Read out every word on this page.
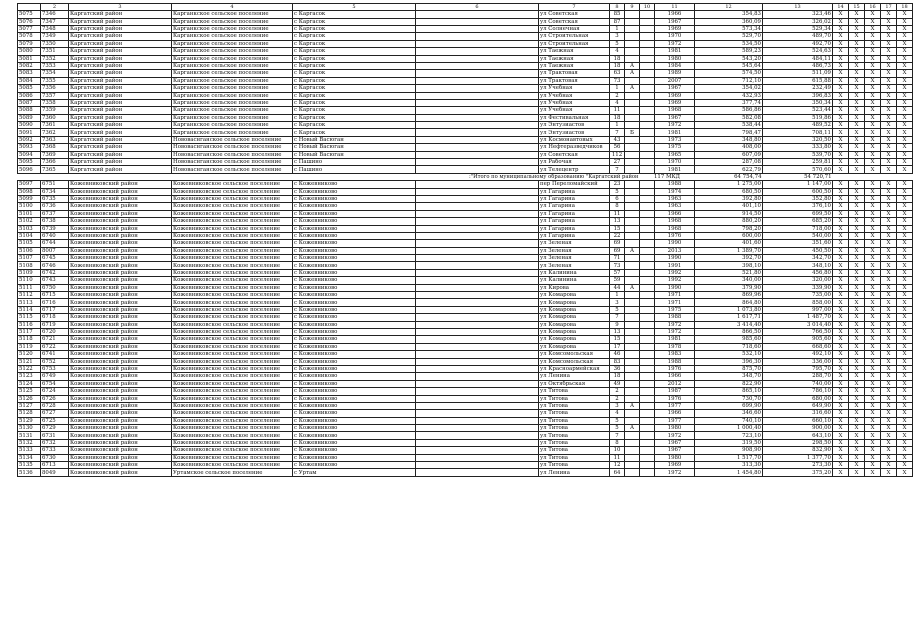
	2	3	4	5	6	7	8	9	10	11	12	13	14	15	16	17	18
5075	7346	Каргатский район	Карганкское сельское поселение	с Каргасок		ул Советская	85			1966	354,83	323,46	X	X	X	X	X
5076	7347	Каргатский район	Карганкское сельское поселение	с Каргасок		ул Советская	87			1967	360,09	326,02	X	X	X	X	X
5077	7348	Каргатский район	Карганкское сельское поселение	с Каргасок		ул Солнечная	1			1969	573,34	529,34	X	X	X	X	X
5078	7349	Каргатский район	Карганкское сельское поселение	с Каргасок		ул Строительная	3			1970	529,70	489,70	X	X	X	X	X
5079	7350	Каргатский район	Карганкское сельское поселение	с Каргасок		ул Строительная	5			1972	534,50	492,70	X	X	X	X	X
5080	7351	Каргатский район	Карганкское сельское поселение	с Каргасок		ул Таежная	4			1981	589,23	524,63	X	X	X	X	X
5081	7352	Каргатский район	Карганкское сельское поселение	с Каргасок		ул Таежная	18			1980	543,20	484,11	X	X	X	X	X
5082	7353	Каргатский район	Карганкское сельское поселение	с Каргасок		ул Таежная	18	А		1984	545,64	486,73	X	X	X	X	X
5083	7354	Каргатский район	Карганкское сельское поселение	с Каргасок		ул Трактовая	63	А		1989	574,50	511,09	X	X	X	X	X
5084	7355	Каргатский район	Карганкское сельское поселение	с Каргасок		ул Трактовая	73			2007	712,10	615,88	X	X	X	X	X
5085	7356	Каргатский район	Карганкское сельское поселение	с Каргасок		ул Учебная	1	А		1967	354,02	232,49	X	X	X	X	X
5086	7357	Каргатский район	Карганкское сельское поселение	с Каргасок		ул Учебная	2			1969	432,93	396,83	X	X	X	X	X
5087	7358	Каргатский район	Карганкское сельское поселение	с Каргасок		ул Учебная	4			1969	377,74	350,34	X	X	X	X	X
5088	7359	Каргатский район	Карганкское сельское поселение	с Каргасок		ул Учебная	11			1968	586,86	523,44	X	X	X	X	X
5089	7360	Каргатский район	Карганкское сельское поселение	с Каргасок		ул Фестивальная	18			1967	582,08	519,86	X	X	X	X	X
5090	7361	Каргатский район	Карганкское сельское поселение	с Каргасок		ул Энтузиастов	1			1972	538,44	489,52	X	X	X	X	X
5091	7362	Каргатский район	Карганкское сельское поселение	с Каргасок		ул Энтузиастов	7	Б		1981	798,47	708,11	X	X	X	X	X
5092	7363	Каргатский район	Нововаснганское сельское поселение	с Новый Васюган		ул Космонавтовых	43			1973	348,80	320,50	X	X	X	X	X
5093	7368	Каргатский район	Нововаснганское сельское поселение	с Новый Васюган		ул Нефтеразведчиков	56			1975	408,00	333,80	X	X	X	X	X
5094	7369	Каргатский район	Нововаснганское сельское поселение	с Новый Васюган		ул Советская	112			1965	607,09	539,70	X	X	X	X	X
5095	7366	Каргатский район	Нововаснганское сельское поселение	с Пашино		ул Рабочая	27			1970	287,08	259,81	X	X	X	X	X
5096	7365	Каргатский район	Нововаснганское сельское поселение	с Пашино		ул Телецентр	7			1981	622,79	570,60	X	X	X	X	X
						Итого по муниципальному образованию "Каргатский район":			117 МКД		64 754,74	54 720,71					
5097	6751	Кожевниковский район	Кожевниковское сельское поселение	с Кожевниково		пер Переломайский	23			1988	1 275,00	1 147,00	X	X	X	X	X
5098	6734	Кожевниковский район	Кожевниковское сельское поселение	с Кожевниково		ул Гагарина	5			1974	680,50	600,50	X	X	X	X	X
5099	6735	Кожевниковский район	Кожевниковское сельское поселение	с Кожевниково		ул Гагарина	6			1963	392,80	352,80	X	X	X	X	X
5100	6736	Кожевниковский район	Кожевниковское сельское поселение	с Кожевниково		ул Гагарина	8			1963	401,10	376,10	X	X	X	X	X
5101	6737	Кожевниковский район	Кожевниковское сельское поселение	с Кожевниково		ул Гагарина	11			1966	914,50	699,50	X	X	X	X	X
5102	6738	Кожевниковский район	Кожевниковское сельское поселение	с Кожевниково		ул Гагарина	13			1968	880,20	685,20	X	X	X	X	X
5103	6739	Кожевниковский район	Кожевниковское сельское поселение	с Кожевниково		ул Гагарина	15			1968	798,20	718,00	X	X	X	X	X
5104	6740	Кожевниковский район	Кожевниковское сельское поселение	с Кожевниково		ул Гагарина	22			1976	600,00	540,00	X	X	X	X	X
5105	6744	Кожевниковский район	Кожевниковское сельское поселение	с Кожевниково		ул Зеленая	69			1990	401,60	351,60	X	X	X	X	X
5106	8007	Кожевниковский район	Кожевниковское сельское поселение	с Кожевниково		ул Зеленая	69	А		2013	1 389,70	450,50	X	X	X	X	X
5107	6745	Кожевниковский район	Кожевниковское сельское поселение	с Кожевниково		ул Зеленая	71			1990	392,70	342,70	X	X	X	X	X
5108	6746	Кожевниковский район	Кожевниковское сельское поселение	с Кожевниково		ул Зеленая	73			1991	398,10	348,10	X	X	X	X	X
5109	6742	Кожевниковский район	Кожевниковское сельское поселение	с Кожевниково		ул Калинина	57			1992	521,80	456,80	X	X	X	X	X
5110	6743	Кожевниковский район	Кожевниковское сельское поселение	с Кожевниково		ул Калинина	59			1992	340,00	320,00	X	X	X	X	X
5111	6750	Кожевниковский район	Кожевниковское сельское поселение	с Кожевниково		ул Кирова	44	А		1990	379,90	339,90	X	X	X	X	X
5112	6715	Кожевниковский район	Кожевниковское сельское поселение	с Кожевниково		ул Комарова	1			1971	869,96	735,00	X	X	X	X	X
5113	6716	Кожевниковский район	Кожевниковское сельское поселение	с Кожевниково		ул Комарова	3			1971	864,80	858,00	X	X	X	X	X
5114	6717	Кожевниковский район	Кожевниковское сельское поселение	с Кожевниково		ул Комарова	5			1975	1 073,80	997,00	X	X	X	X	X
5115	6718	Кожевниковский район	Кожевниковское сельское поселение	с Кожевниково		ул Комарова	7			1988	1 617,71	1 487,70	X	X	X	X	X
5116	6719	Кожевниковский район	Кожевниковское сельское поселение	с Кожевниково		ул Комарова	9			1972	3 414,40	3 014,40	X	X	X	X	X
5117	6720	Кожевниковский район	Кожевниковское сельское поселение	с Кожевниково		ул Комарова	13			1972	866,50	766,50	X	X	X	X	X
5118	6721	Кожевниковский район	Кожевниковское сельское поселение	с Кожевниково		ул Комарова	15			1981	985,60	905,60	X	X	X	X	X
5119	6722	Кожевниковский район	Кожевниковское сельское поселение	с Кожевниково		ул Комарова	17			1978	718,60	668,60	X	X	X	X	X
5120	6741	Кожевниковский район	Кожевниковское сельское поселение	с Кожевниково		ул Комсомольская	46			1983	532,10	492,10	X	X	X	X	X
5121	6752	Кожевниковский район	Кожевниковское сельское поселение	с Кожевниково		ул Комсомольская	83			1988	396,30	336,00	X	X	X	X	X
5122	6753	Кожевниковский район	Кожевниковское сельское поселение	с Кожевниково		ул Красноармейская	36			1976	875,70	795,70	X	X	X	X	X
5123	6749	Кожевниковский район	Кожевниковское сельское поселение	с Кожевниково		ул Ленина	18			1966	348,70	288,70	X	X	X	X	X
5124	6754	Кожевниковский район	Кожевниковское сельское поселение	с Кожевниково		ул Октябрьская	49			2012	822,90	740,00	X	X	X	X	X
5125	6724	Кожевниковский район	Кожевниковское сельское поселение	с Кожевниково		ул Титова	2			1987	865,10	786,10	X	X	X	X	X
5126	6726	Кожевниковский район	Кожевниковское сельское поселение	с Кожевниково		ул Титова	2			1976	730,70	680,00	X	X	X	X	X
5127	6728	Кожевниковский район	Кожевниковское сельское поселение	с Кожевниково		ул Титова	3	А		1977	699,90	649,90	X	X	X	X	X
5128	6727	Кожевниковский район	Кожевниковское сельское поселение	с Кожевниково		ул Титова	4			1966	346,60	316,60	X	X	X	X	X
5129	6725	Кожевниковский район	Кожевниковское сельское поселение	с Кожевниково		ул Титова	5			1977	740,10	660,10	X	X	X	X	X
5130	6729	Кожевниковский район	Кожевниковское сельское поселение	с Кожевниково		ул Титова	5	А		1980	1 000,40	900,00	X	X	X	X	X
5131	6731	Кожевниковский район	Кожевниковское сельское поселение	с Кожевниково		ул Титова	7			1972	723,10	643,10	X	X	X	X	X
5132	6732	Кожевниковский район	Кожевниковское сельское поселение	с Кожевниково		ул Титова	8			1967	319,50	298,50	X	X	X	X	X
5133	6733	Кожевниковский район	Кожевниковское сельское поселение	с Кожевниково		ул Титова	10			1967	908,90	832,90	X	X	X	X	X
5134	6730	Кожевниковский район	Кожевниковское сельское поселение	с Кожевниково		ул Титова	11			1980	1 517,70	1 377,70	X	X	X	X	X
5135	6713	Кожевниковский район	Кожевниковское сельское поселение	с Кожевниково		ул Титова	12			1969	313,30	273,30	X	X	X	X	X
5136	8049	Кожевниковский район	Уртамское сельское поселение	с Уртам		ул Ленина	64			1972	1 454,80	375,20	X	X	X	X	X
